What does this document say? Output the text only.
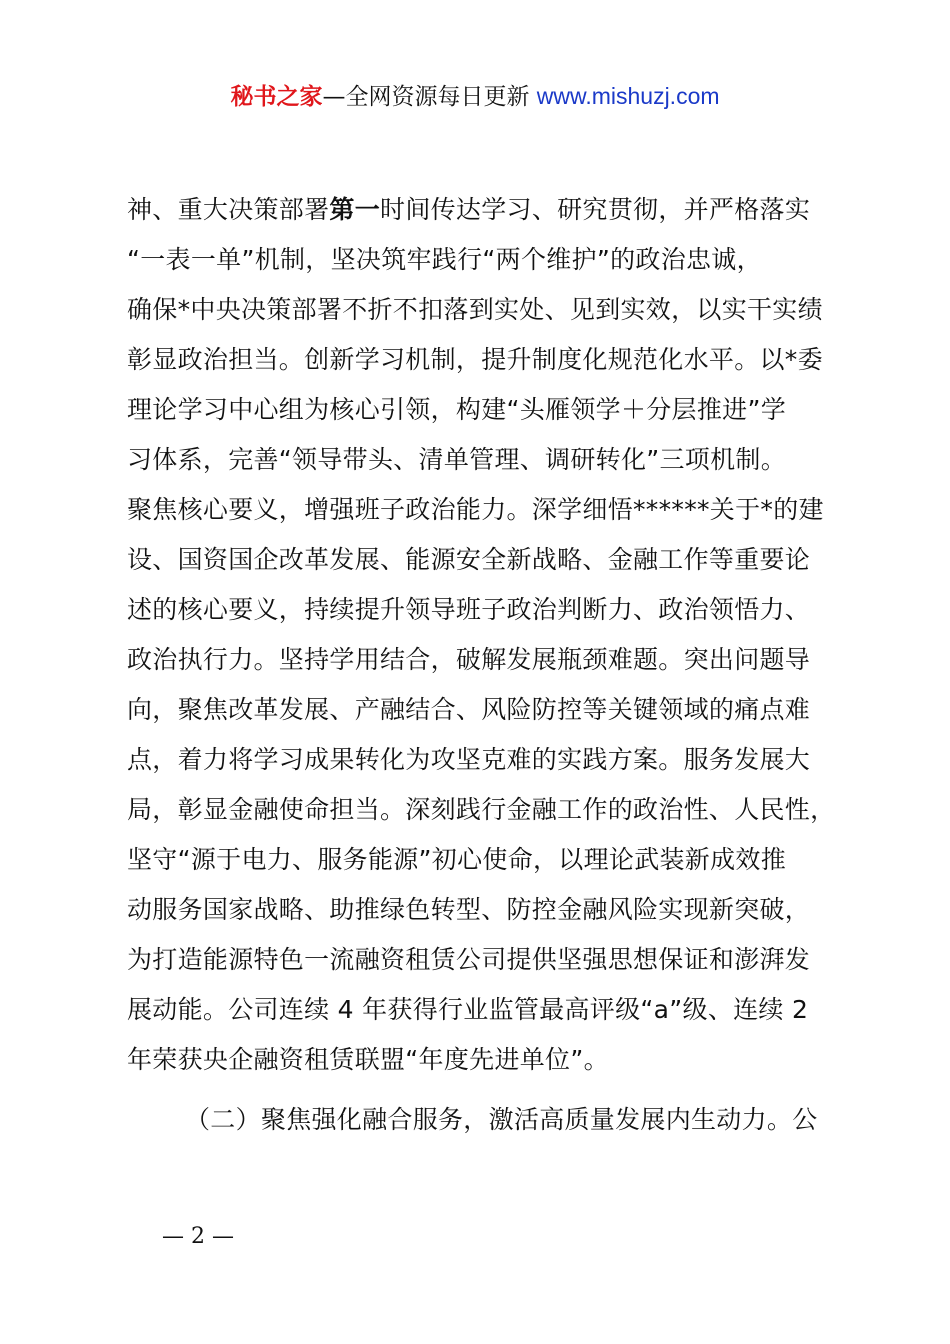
秘书之家—全网资源每日更新 www.mishuzj.com
神、重大决策部署第一时间传达学习、研究贯彻，并严格落实
“一表一单”机制，坚决筑牢践行“两个维护”的政治忠诚，
确保*中央决策部署不折不扣落到实处、见到实效，以实干实绩
彰显政治担当。创新学习机制，提升制度化规范化水平。以*委
理论学习中心组为核心引领，构建“头雁领学＋分层推进”学
习体系，完善“领导带头、清单管理、调研转化”三项机制。
聚焦核心要义，增强班子政治能力。深学细悟******关于*的建
设、国资国企改革发展、能源安全新战略、金融工作等重要论
述的核心要义，持续提升领导班子政治判断力、政治领悟力、
政治执行力。坚持学用结合，破解发展瓶颈难题。突出问题导
向，聚焦改革发展、产融结合、风险防控等关键领域的痛点难
点，着力将学习成果转化为攻坚克难的实践方案。服务发展大
局，彰显金融使命担当。深刻践行金融工作的政治性、人民性，
坚守“源于电力、服务能源”初心使命，以理论武装新成效推
动服务国家战略、助推绿色转型、防控金融风险实现新突破，
为打造能源特色一流融资租赁公司提供坚强思想保证和澎湃发
展动能。公司连续 4 年获得行业监管最高评级“a”级、连续 2
年荣获央企融资租赁联盟“年度先进单位”。
（二）聚焦强化融合服务，激活高质量发展内生动力。公
— 2 —
